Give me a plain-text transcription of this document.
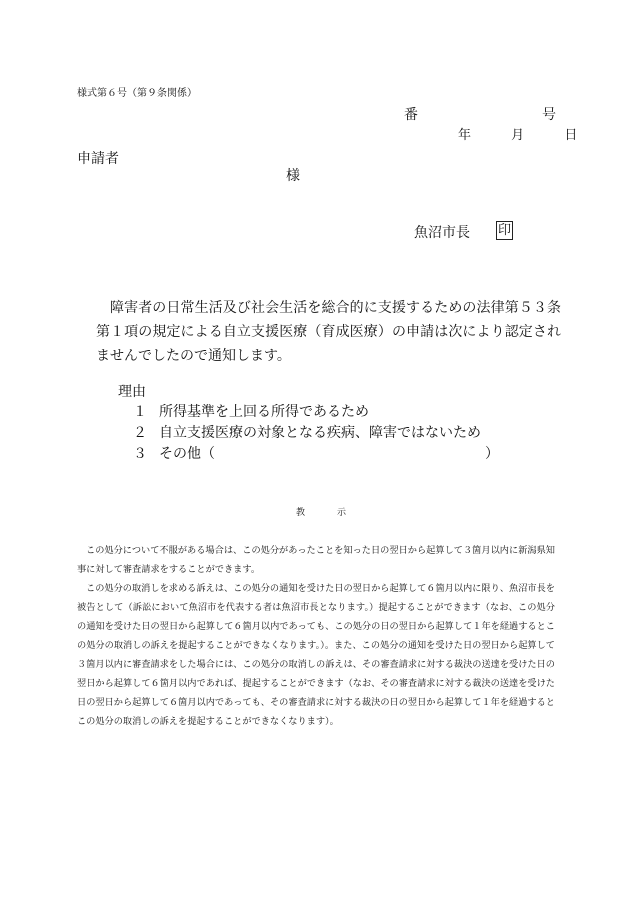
様式第６号（第９条関係）
番	号
年	月	日
申請者
様
魚沼市長 印

障害者の日常生活及び社会生活を総合的に支援するための法律第５３条第１項の規定による自立支援医療（育成医療）の申請は次により認定されませんでしたので通知します。

理由
１ 所得基準を上回る所得であるため
２ 自立支援医療の対象となる疾病、障害ではないため
３ その他（	）
教示

この処分について不服がある場合は、この処分があったことを知った日の翌日から起算して３箇月以内に新潟県知事に対して審査請求をすることができます。

この処分の取消しを求める訴えは、この処分の通知を受けた日の翌日から起算して６箇月以内に限り、魚沼市長を被告として（訴訟において魚沼市を代表する者は魚沼市長となります。）提起することができます（なお、この処分の通知を受けた日の翌日から起算して６箇月以内であっても、この処分の日の翌日から起算して１年を経過するとこの処分の取消しの訴えを提起することができなくなります。）。また、この処分の通知を受けた日の翌日から起算して３箇月以内に審査請求をした場合には、この処分の取消しの訴えは、その審査請求に対する裁決の送達を受けた日の翌日から起算して６箇月以内であれば、提起することができます（なお、その審査請求に対する裁決の送達を受けた日の翌日から起算して６箇月以内であっても、その審査請求に対する裁決の日の翌日から起算して１年を経過するとこの処分の取消しの訴えを提起することができなくなります）。
